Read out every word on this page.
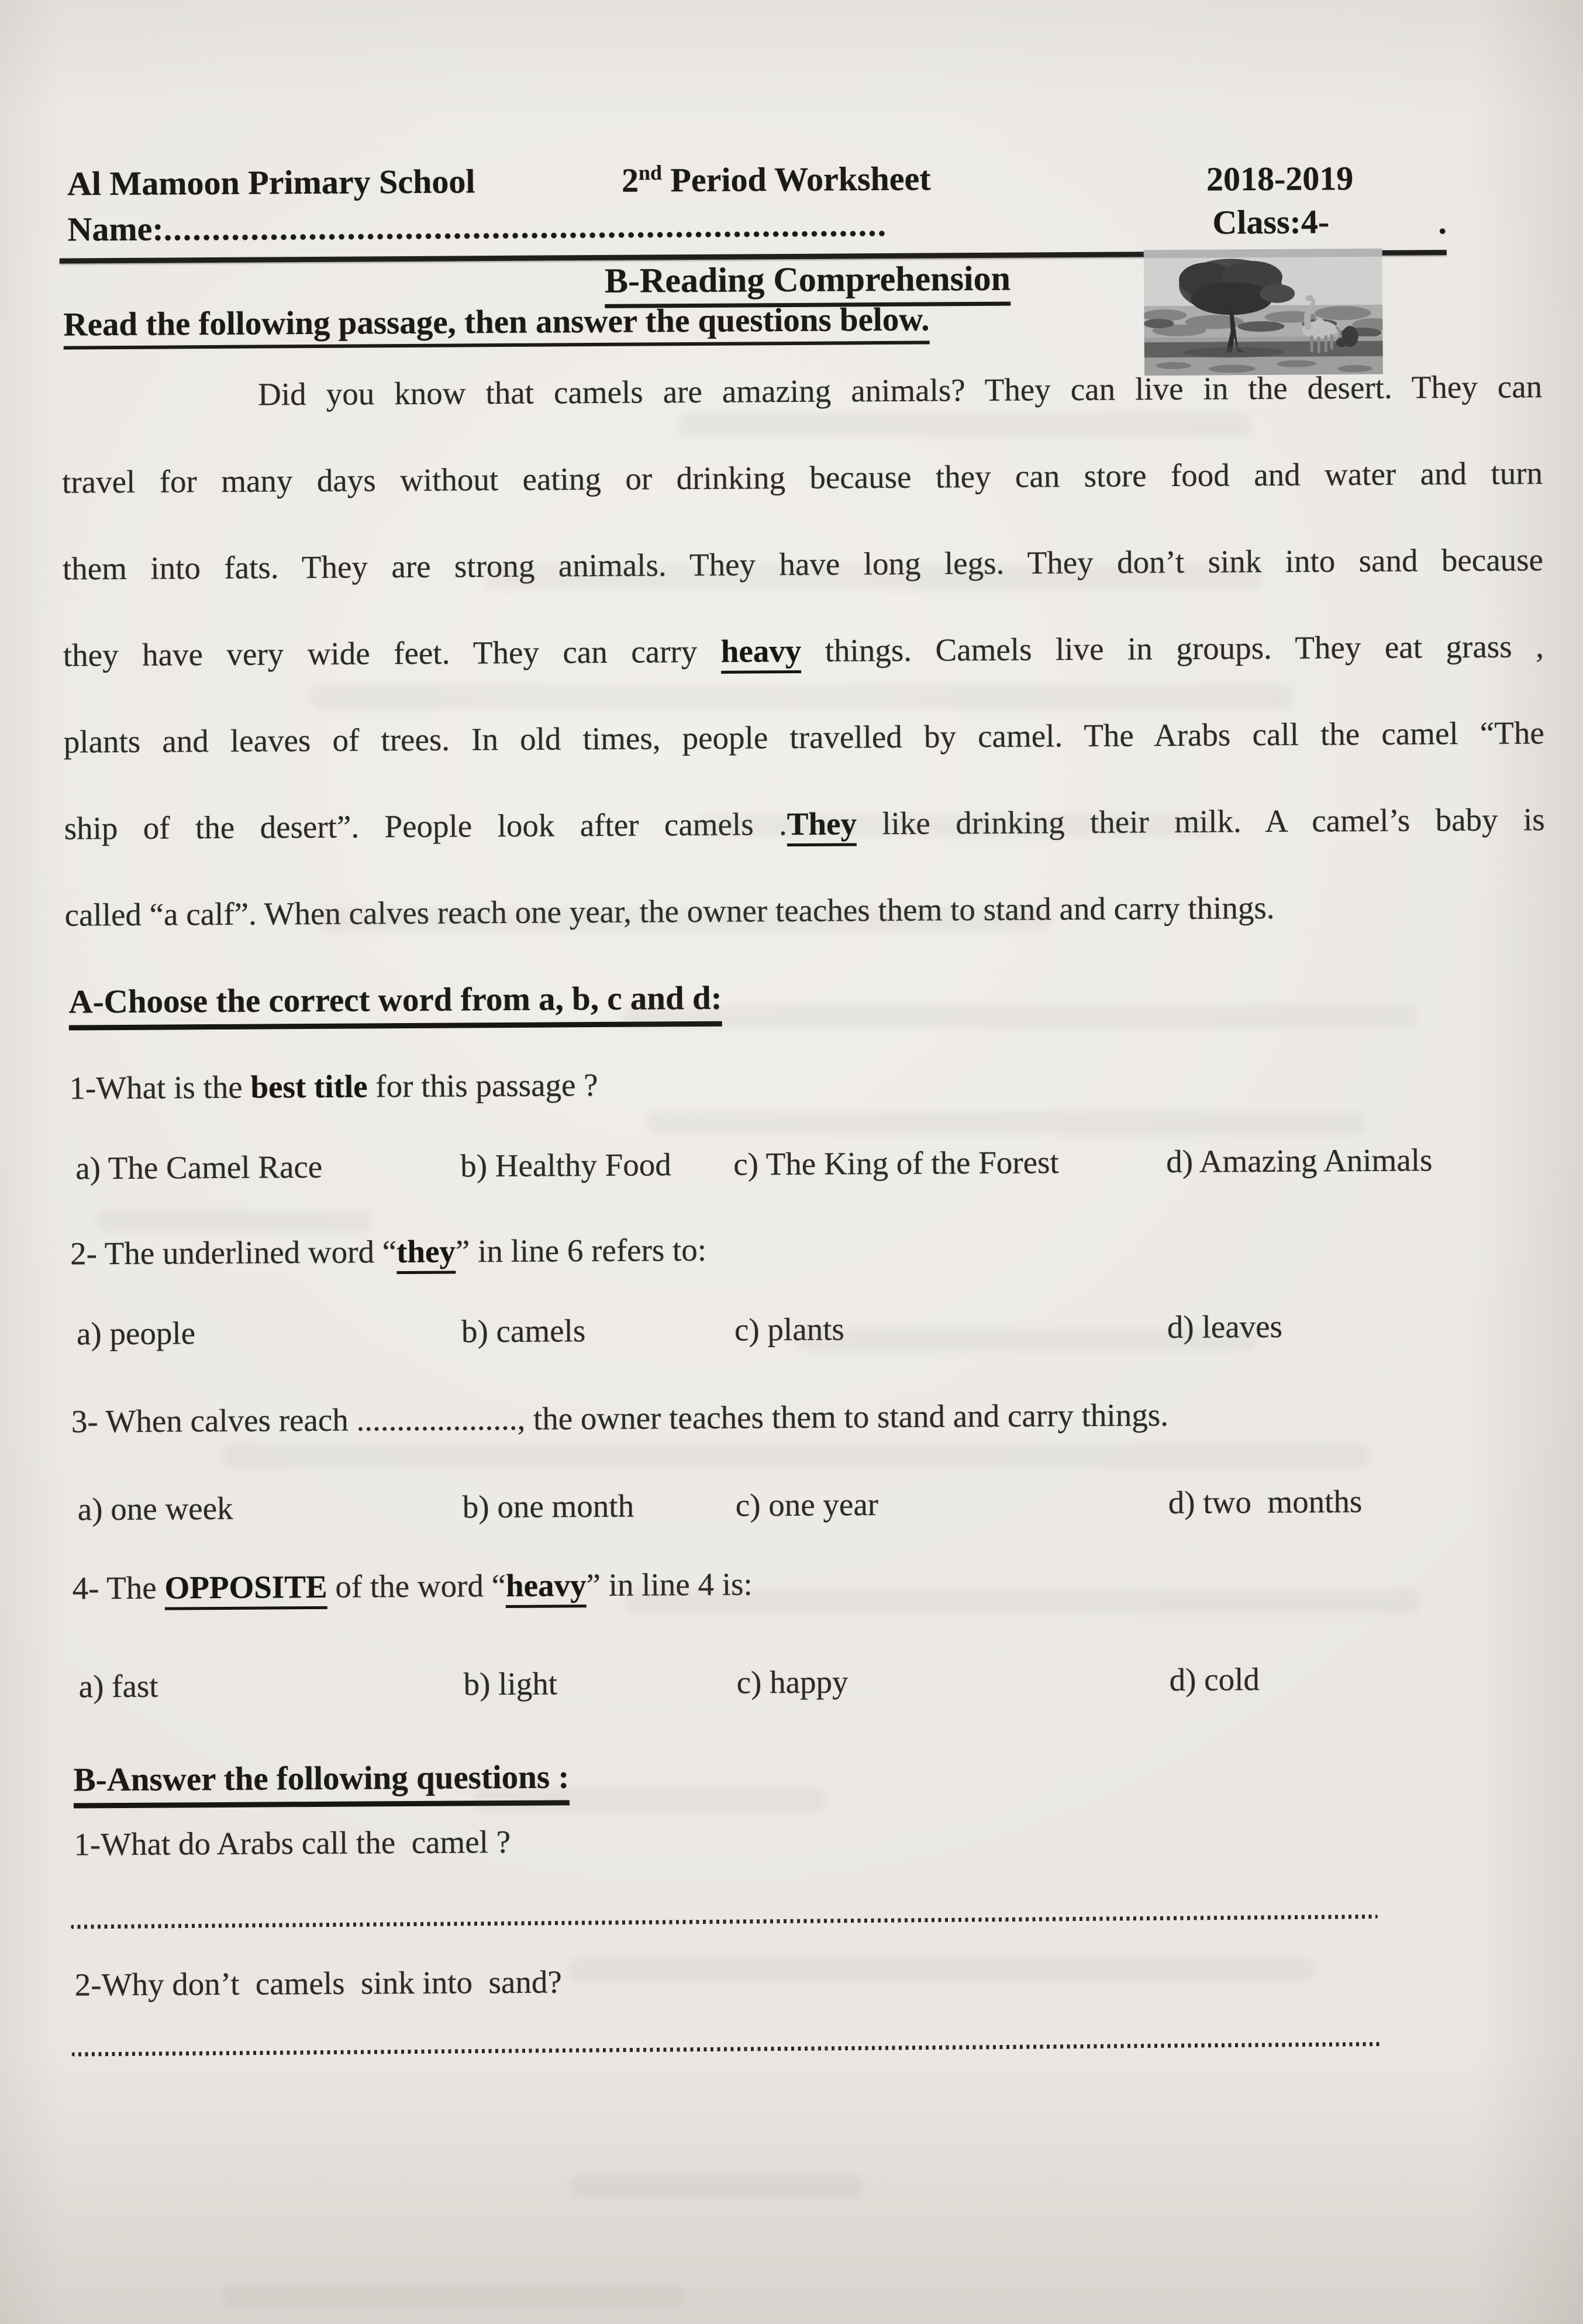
Al Mamoon Primary School	2nd Period Worksheet	2018-2019
Name:...........................................................................	Class:4-	.
B-Reading Comprehension
Read the following passage, then answer the questions below.
Did you know that camels are amazing animals? They can live in the desert. They can
travel for many days without eating or drinking because they can store food and water and turn
them into fats. They are strong animals. They have long legs. They don’t sink into sand because
they have very wide feet. They can carry heavy things. Camels live in groups. They eat grass ,
plants and leaves of trees. In old times, people travelled by camel. The Arabs call the camel “The
ship of the desert”. People look after camels .They like drinking their milk. A camel’s baby is
called “a calf”. When calves reach one year, the owner teaches them to stand and carry things.
A-Choose the correct word from a, b, c and d:
1-What is the best title for this passage ?
a) The Camel Race	b) Healthy Food c) The King of the Forest	d) Amazing Animals
2- The underlined word “they” in line 6 refers to:
a) people	b) camels	c) plants	d) leaves
3- When calves reach ...................., the owner teaches them to stand and carry things.
a) one week	b) one month	c) one year	d) two  months
4- The OPPOSITE of the word “heavy” in line 4 is:
a) fast	b) light	c) happy	d) cold
B-Answer the following questions :
1-What do Arabs call the  camel ?
2-Why don’t  camels  sink into  sand?
